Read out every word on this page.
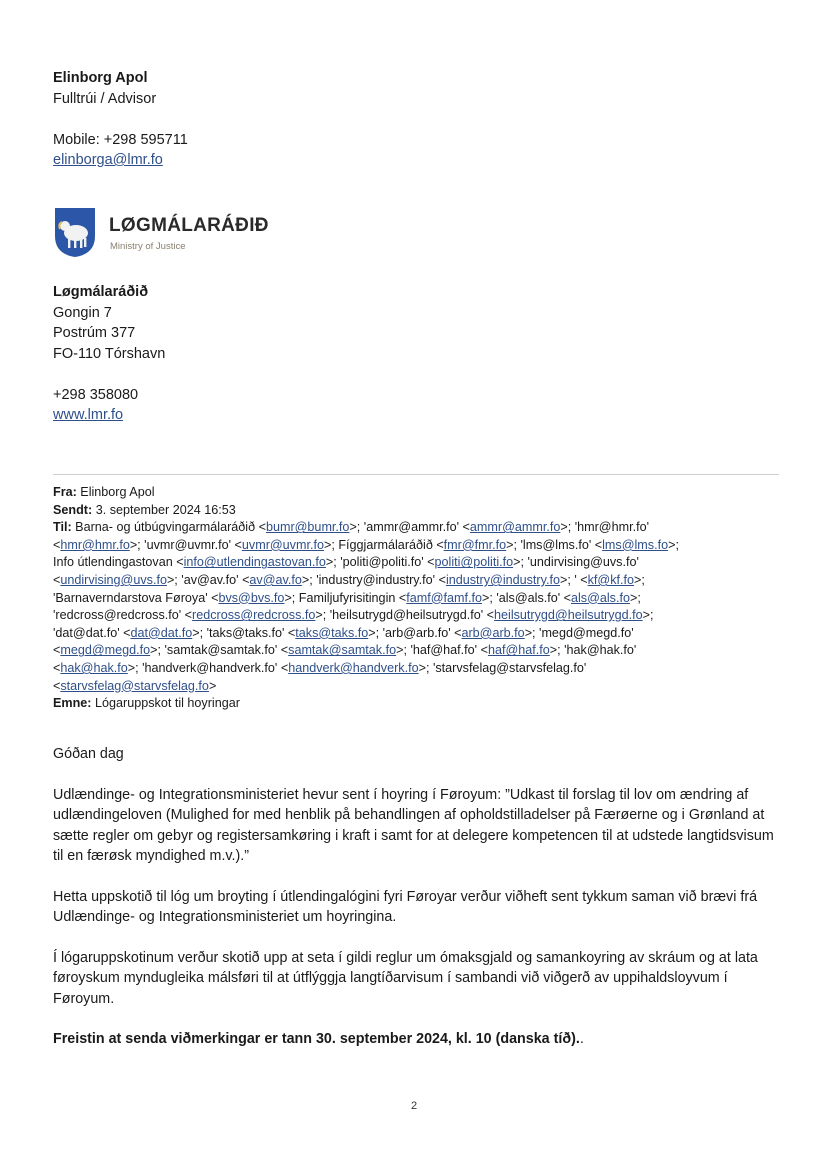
Elinborg Apol
Fulltrúi / Advisor
Mobile: +298 595711
elinborga@lmr.fo
LØGMÁLARÁÐIÐ
Ministry of Justice
Løgmálaráðið
Gongin 7
Postrúm 377
FO-110 Tórshavn
+298 358080
www.lmr.fo
Fra: Elinborg Apol
Sendt: 3. september 2024 16:53
Til: Barna- og útbúgvingarmálaráðið <bumr@bumr.fo>; 'ammr@ammr.fo' <ammr@ammr.fo>; 'hmr@hmr.fo'
<hmr@hmr.fo>; 'uvmr@uvmr.fo' <uvmr@uvmr.fo>; Fíggjarmálaráðið <fmr@fmr.fo>; 'lms@lms.fo' <lms@lms.fo>;
Info útlendingastovan <info@utlendingastovan.fo>; 'politi@politi.fo' <politi@politi.fo>; 'undirvising@uvs.fo'
<undirvising@uvs.fo>; 'av@av.fo' <av@av.fo>; 'industry@industry.fo' <industry@industry.fo>; ' <kf@kf.fo>;
'Barnaverndarstova Føroya' <bvs@bvs.fo>; Familjufyrisitingin <famf@famf.fo>; 'als@als.fo' <als@als.fo>;
'redcross@redcross.fo' <redcross@redcross.fo>; 'heilsutrygd@heilsutrygd.fo' <heilsutrygd@heilsutrygd.fo>;
'dat@dat.fo' <dat@dat.fo>; 'taks@taks.fo' <taks@taks.fo>; 'arb@arb.fo' <arb@arb.fo>; 'megd@megd.fo'
<megd@megd.fo>; 'samtak@samtak.fo' <samtak@samtak.fo>; 'haf@haf.fo' <haf@haf.fo>; 'hak@hak.fo'
<hak@hak.fo>; 'handverk@handverk.fo' <handverk@handverk.fo>; 'starvsfelag@starvsfelag.fo'
<starvsfelag@starvsfelag.fo>
Emne: Lógaruppskot til hoyringar

Góðan dag

Udlændinge- og Integrationsministeriet hevur sent í hoyring í Føroyum: ”Udkast til forslag til lov om ændring af udlændingeloven (Mulighed for med henblik på behandlingen af opholdstilladelser på Færøerne og i Grønland at sætte regler om gebyr og registersamkøring i kraft i samt for at delegere kompetencen til at udstede langtidsvisum til en færøsk myndighed m.v.).”

Hetta uppskotið til lóg um broyting í útlendingalógini fyri Føroyar verður viðheft sent tykkum saman við brævi frá Udlændinge- og Integrationsministeriet um hoyringina.

Í lógaruppskotinum verður skotið upp at seta í gildi reglur um ómaksgjald og samankoyring av skráum og at lata føroyskum myndugleika málsføri til at útflýggja langtíðarvisum í sambandi við viðgerð av uppihaldsloyvum í Føroyum.

Freistin at senda viðmerkingar er tann 30. september 2024, kl. 10 (danska tíð)..

2
